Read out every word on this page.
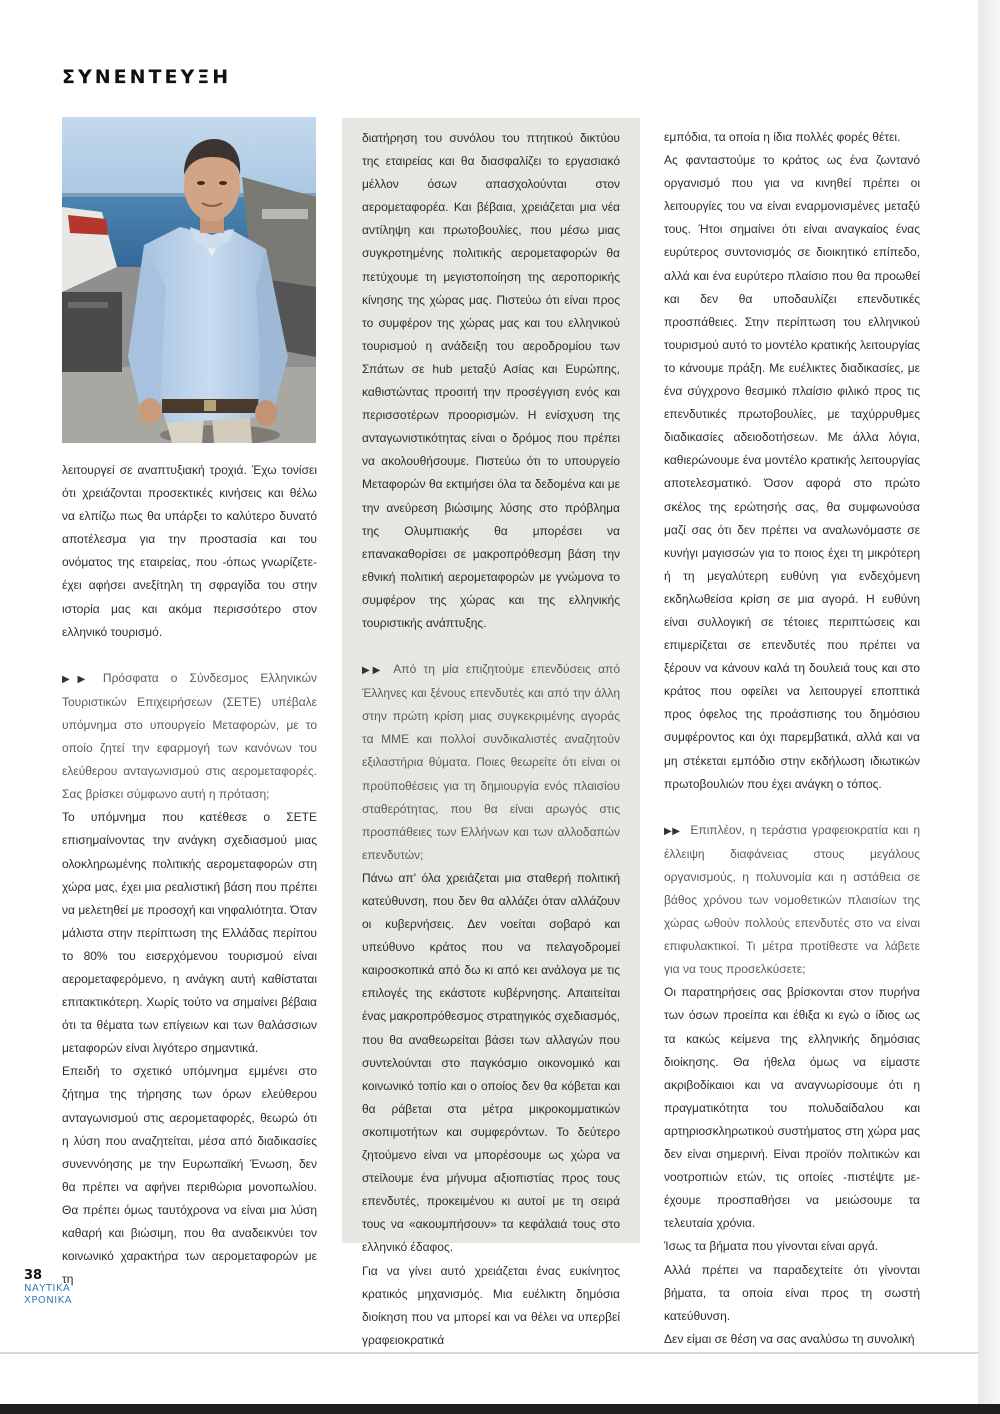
ΣΥΝΕΝΤΕΥΞΗ

λειτουργεί σε αναπτυξιακή τροχιά. Έχω τονίσει ότι χρειάζονται προσεκτικές κινήσεις και θέλω να ελπίζω πως θα υπάρξει το καλύτερο δυνατό αποτέλεσμα για την προστασία και του ονόματος της εταιρείας, που -όπως γνωρίζετε- έχει αφήσει ανεξίτηλη τη σφραγίδα του στην ιστορία μας και ακόμα περισσότερο στον ελληνικό τουρισμό.

▶▶ Πρόσφατα ο Σύνδεσμος Ελληνικών Τουριστικών Επιχειρήσεων (ΣΕΤΕ) υπέβαλε υπόμνημα στο υπουργείο Μεταφορών, με το οποίο ζητεί την εφαρμογή των κανόνων του ελεύθερου ανταγωνισμού στις αερομεταφορές. Σας βρίσκει σύμφωνο αυτή η πρόταση;

Το υπόμνημα που κατέθεσε ο ΣΕΤΕ επισημαίνοντας την ανάγκη σχεδιασμού μιας ολοκληρωμένης πολιτικής αερομεταφορών στη χώρα μας, έχει μια ρεαλιστική βάση που πρέπει να μελετηθεί με προσοχή και νηφαλιότητα. Όταν μάλιστα στην περίπτωση της Ελλάδας περίπου το 80% του εισερχόμενου τουρισμού είναι αερομεταφερόμενο, η ανάγκη αυτή καθίσταται επιτακτικότερη. Χωρίς τούτο να σημαίνει βέβαια ότι τα θέματα των επίγειων και των θαλάσσιων μεταφορών είναι λιγότερο σημαντικά.

Επειδή το σχετικό υπόμνημα εμμένει στο ζήτημα της τήρησης των όρων ελεύθερου ανταγωνισμού στις αερομεταφορές, θεωρώ ότι η λύση που αναζητείται, μέσα από διαδικασίες συνεννόησης με την Ευρωπαϊκή Ένωση, δεν θα πρέπει να αφήνει περιθώρια μονοπωλίου. Θα πρέπει όμως ταυτόχρονα να είναι μια λύση καθαρή και βιώσιμη, που θα αναδεικνύει τον κοινωνικό χαρακτήρα των αερομεταφορών με τη

διατήρηση του συνόλου του πτητικού δικτύου της εταιρείας και θα διασφαλίζει το εργασιακό μέλλον όσων απασχολούνται στον αερομεταφορέα. Και βέβαια, χρειάζεται μια νέα αντίληψη και πρωτοβουλίες, που μέσω μιας συγκροτημένης πολιτικής αερομεταφορών θα πετύχουμε τη μεγιστοποίηση της αεροπορικής κίνησης της χώρας μας. Πιστεύω ότι είναι προς το συμφέρον της χώρας μας και του ελληνικού τουρισμού η ανάδειξη του αεροδρομίου των Σπάτων σε hub μεταξύ Ασίας και Ευρώπης, καθιστώντας προσιτή την προσέγγιση ενός και περισσοτέρων προορισμών. Η ενίσχυση της ανταγωνιστικότητας είναι ο δρόμος που πρέπει να ακολουθήσουμε. Πιστεύω ότι το υπουργείο Μεταφορών θα εκτιμήσει όλα τα δεδομένα και με την ανεύρεση βιώσιμης λύσης στο πρόβλημα της Ολυμπιακής θα μπορέσει να επανακαθορίσει σε μακροπρόθεσμη βάση την εθνική πολιτική αερομεταφορών με γνώμονα το συμφέρον της χώρας και της ελληνικής τουριστικής ανάπτυξης.

▶▶ Από τη μία επιζητούμε επενδύσεις από Έλληνες και ξένους επενδυτές και από την άλλη στην πρώτη κρίση μιας συγκεκριμένης αγοράς τα ΜΜΕ και πολλοί συνδικαλιστές αναζητούν εξιλαστήρια θύματα. Ποιες θεωρείτε ότι είναι οι προϋποθέσεις για τη δημιουργία ενός πλαισίου σταθερότητας, που θα είναι αρωγός στις προσπάθειες των Ελλήνων και των αλλοδαπών επενδυτών;

Πάνω απ' όλα χρειάζεται μια σταθερή πολιτική κατεύθυνση, που δεν θα αλλάζει όταν αλλάζουν οι κυβερνήσεις. Δεν νοείται σοβαρό και υπεύθυνο κράτος που να πελαγοδρομεί καιροσκοπικά από δω κι από κει ανάλογα με τις επιλογές της εκάστοτε κυβέρνησης. Απαιτείται ένας μακροπρόθεσμος στρατηγικός σχεδιασμός, που θα αναθεωρείται βάσει των αλλαγών που συντελούνται στο παγκόσμιο οικονομικό και κοινωνικό τοπίο και ο οποίος δεν θα κόβεται και θα ράβεται στα μέτρα μικροκομματικών σκοπιμοτήτων και συμφερόντων. Το δεύτερο ζητούμενο είναι να μπορέσουμε ως χώρα να στείλουμε ένα μήνυμα αξιοπιστίας προς τους επενδυτές, προκειμένου κι αυτοί με τη σειρά τους να «ακουμπήσουν» τα κεφάλαιά τους στο ελληνικό έδαφος.

Για να γίνει αυτό χρειάζεται ένας ευκίνητος κρατικός μηχανισμός. Μια ευέλικτη δημόσια διοίκηση που να μπορεί και να θέλει να υπερβεί γραφειοκρατικά

εμπόδια, τα οποία η ίδια πολλές φορές θέτει.

Ας φανταστούμε το κράτος ως ένα ζωντανό οργανισμό που για να κινηθεί πρέπει οι λειτουργίες του να είναι εναρμονισμένες μεταξύ τους. Ήτοι σημαίνει ότι είναι αναγκαίος ένας ευρύτερος συντονισμός σε διοικητικό επίπεδο, αλλά και ένα ευρύτερο πλαίσιο που θα προωθεί και δεν θα υποδαυλίζει επενδυτικές προσπάθειες. Στην περίπτωση του ελληνικού τουρισμού αυτό το μοντέλο κρατικής λειτουργίας το κάνουμε πράξη. Με ευέλικτες διαδικασίες, με ένα σύγχρονο θεσμικό πλαίσιο φιλικό προς τις επενδυτικές πρωτοβουλίες, με ταχύρρυθμες διαδικασίες αδειοδοτήσεων. Με άλλα λόγια, καθιερώνουμε ένα μοντέλο κρατικής λειτουργίας αποτελεσματικό. Όσον αφορά στο πρώτο σκέλος της ερώτησής σας, θα συμφωνούσα μαζί σας ότι δεν πρέπει να αναλωνόμαστε σε κυνήγι μαγισσών για το ποιος έχει τη μικρότερη ή τη μεγαλύτερη ευθύνη για ενδεχόμενη εκδηλωθείσα κρίση σε μια αγορά. Η ευθύνη είναι συλλογική σε τέτοιες περιπτώσεις και επιμερίζεται σε επενδυτές που πρέπει να ξέρουν να κάνουν καλά τη δουλειά τους και στο κράτος που οφείλει να λειτουργεί εποπτικά προς όφελος της προάσπισης του δημόσιου συμφέροντος και όχι παρεμβατικά, αλλά και να μη στέκεται εμπόδιο στην εκδήλωση ιδιωτικών πρωτοβουλιών που έχει ανάγκη ο τόπος.

▶▶ Επιπλέον, η τεράστια γραφειοκρατία και η έλλειψη διαφάνειας στους μεγάλους οργανισμούς, η πολυνομία και η αστάθεια σε βάθος χρόνου των νομοθετικών πλαισίων της χώρας ωθούν πολλούς επενδυτές στο να είναι επιφυλακτικοί. Τι μέτρα προτίθεστε να λάβετε για να τους προσελκύσετε;

Οι παρατηρήσεις σας βρίσκονται στον πυρήνα των όσων προείπα και έθιξα κι εγώ ο ίδιος ως τα κακώς κείμενα της ελληνικής δημόσιας διοίκησης. Θα ήθελα όμως να είμαστε ακριβοδίκαιοι και να αναγνωρίσουμε ότι η πραγματικότητα του πολυδαίδαλου και αρτηριοσκληρωτικού συστήματος στη χώρα μας δεν είναι σημερινή. Είναι προϊόν πολιτικών και νοοτροπιών ετών, τις οποίες -πιστέψτε με- έχουμε προσπαθήσει να μειώσουμε τα τελευταία χρόνια.

Ίσως τα βήματα που γίνονται είναι αργά.

Αλλά πρέπει να παραδεχτείτε ότι γίνονται βήματα, τα οποία είναι προς τη σωστή κατεύθυνση.

Δεν είμαι σε θέση να σας αναλύσω τη συνολική

38
ΝΑΥΤΙΚΑ
ΧΡΟΝΙΚΑ
